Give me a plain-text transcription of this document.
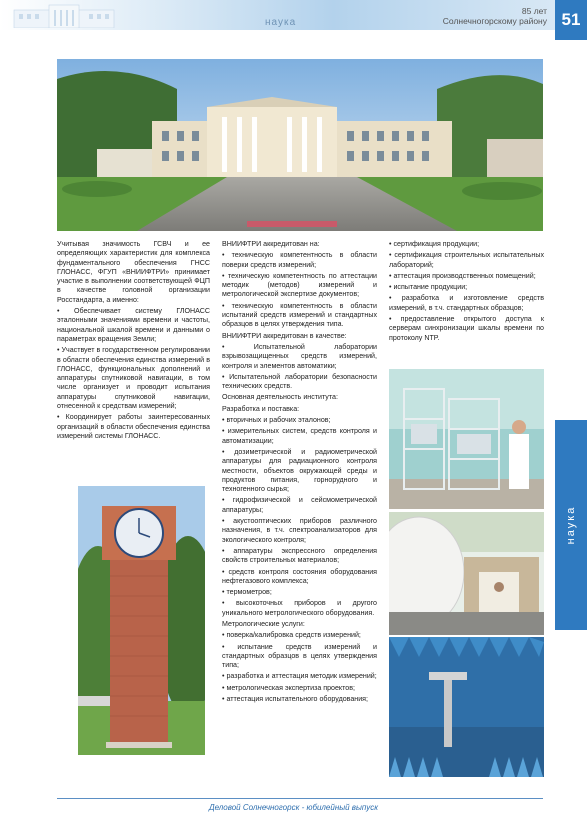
наука
85 лет
Солнечногорскому району 51

Учитывая значимость ГСВЧ и ее определяющих характеристик для комплекса фундаментального обеспечения ГНСС ГЛОНАСС, ФГУП «ВНИИФТРИ» принимает участие в выполнении соответствующей ФЦП в качестве головной организации Росстандарта, а именно:

• Обеспечивает систему ГЛОНАСС эталонными значениями времени и частоты, национальной шкалой времени и данными о параметрах вращения Земли;

• Участвует в государственном регулировании в области обеспечения единства измерений в ГЛОНАСС, функциональных дополнений и аппаратуры спутниковой навигации, в том числе организует и проводит испытания аппаратуры спутниковой навигации, отнесенной к средствам измерений;

• Координирует работы заинтересованных организаций в области обеспечения единства измерений системы ГЛОНАСС.

ВНИИФТРИ аккредитован на:

• техническую компетентность в области поверки средств измерений;

• техническую компетентность по аттестации методик (методов) измерений и метрологической экспертизе документов;

• техническую компетентность в области испытаний средств измерений и стандартных образцов в целях утверждения типа.

ВНИИФТРИ аккредитован в качестве:

• Испытательной лаборатории взрывозащищенных средств измерений, контроля и элементов автоматики;

• Испытательной лаборатории безопасности технических средств.

Основная деятельность института:

Разработка и поставка:

• вторичных и рабочих эталонов;

• измерительных систем, средств контроля и автоматизации;

• дозиметрической и радиометрической аппаратуры для радиационного контроля местности, объектов окружающей среды и продуктов питания, горнорудного и техногенного сырья;

• гидрофизической и сейсмометрической аппаратуры;

• акустооптических приборов различного назначения, в т.ч. спектроанализаторов для экологического контроля;

• аппаратуры экспрессного определения свойств строительных материалов;

• средств контроля состояния оборудования нефтегазового комплекса;

• термометров;

• высокоточных приборов и другого уникального метрологического оборудования.

Метрологические услуги:

• поверка/калибровка средств измерений;

• испытание средств измерений и стандартных образцов в целях утверждения типа;

• разработка и аттестация методик измерений;

• метрологическая экспертиза проектов;

• аттестация испытательного оборудования;

• сертификация продукции;

• сертификация строительных испытательных лабораторий;

• аттестация производственных помещений;

• испытание продукции;

• разработка и изготовление средств измерений, в т.ч. стандартных образцов;

• предоставление открытого доступа к серверам синхронизации шкалы времени по протоколу NTP.

наука
Деловой Солнечногорск - юбилейный выпуск
